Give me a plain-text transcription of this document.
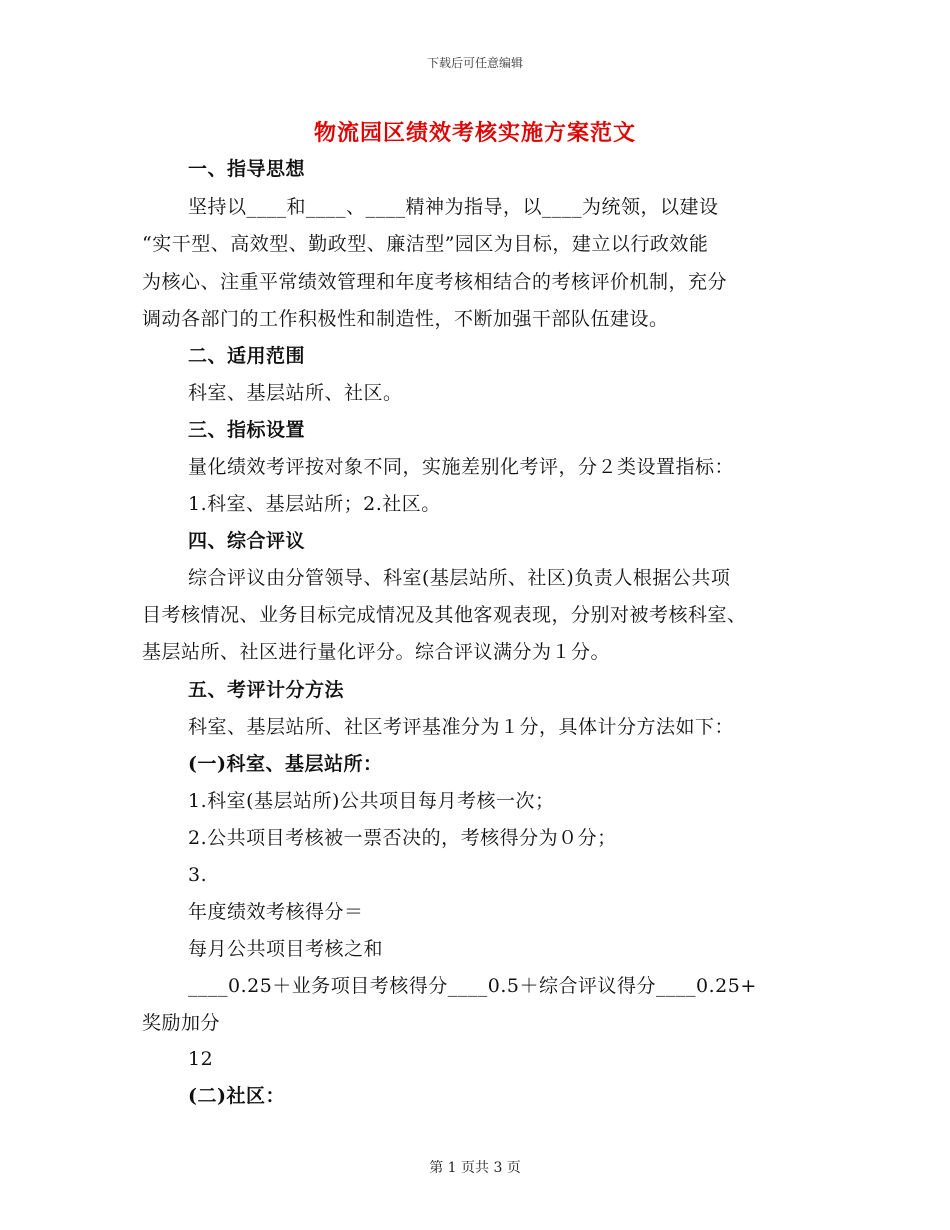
下载后可任意编辑
物流园区绩效考核实施方案范文
一、指导思想
坚持以____和____、____精神为指导，以____为统领，以建设
“实干型、高效型、勤政型、廉洁型”园区为目标，建立以行政效能
为核心、注重平常绩效管理和年度考核相结合的考核评价机制，充分
调动各部门的工作积极性和制造性，不断加强干部队伍建设。
二、适用范围
科室、基层站所、社区。
三、指标设置
量化绩效考评按对象不同，实施差别化考评，分２类设置指标：
1.科室、基层站所；2.社区。
四、综合评议
综合评议由分管领导、科室(基层站所、社区)负责人根据公共项
目考核情况、业务目标完成情况及其他客观表现，分别对被考核科室、
基层站所、社区进行量化评分。综合评议满分为１分。
五、考评计分方法
科室、基层站所、社区考评基准分为１分，具体计分方法如下：
(一)科室、基层站所：
1.科室(基层站所)公共项目每月考核一次；
2.公共项目考核被一票否决的，考核得分为０分；
3.
年度绩效考核得分＝
每月公共项目考核之和
____0.25＋业务项目考核得分____0.5＋综合评议得分____0.25+
奖励加分
12
(二)社区：
第 1 页共 3 页
